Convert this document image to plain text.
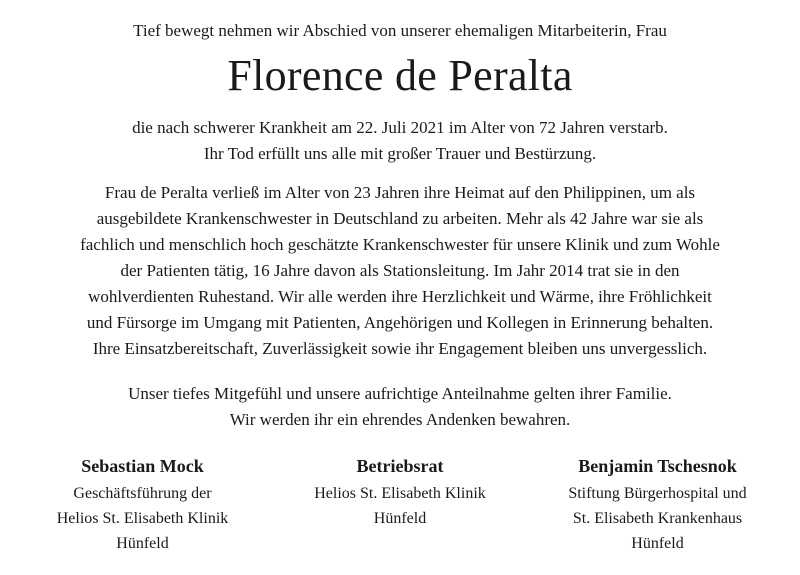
Tief bewegt nehmen wir Abschied von unserer ehemaligen Mitarbeiterin, Frau
Florence de Peralta
die nach schwerer Krankheit am 22. Juli 2021 im Alter von 72 Jahren verstarb.
Ihr Tod erfüllt uns alle mit großer Trauer und Bestürzung.
Frau de Peralta verließ im Alter von 23 Jahren ihre Heimat auf den Philippinen, um als
ausgebildete Krankenschwester in Deutschland zu arbeiten. Mehr als 42 Jahre war sie als
fachlich und menschlich hoch geschätzte Krankenschwester für unsere Klinik und zum Wohle
der Patienten tätig, 16 Jahre davon als Stationsleitung. Im Jahr 2014 trat sie in den
wohlverdienten Ruhestand. Wir alle werden ihre Herzlichkeit und Wärme, ihre Fröhlichkeit
und Fürsorge im Umgang mit Patienten, Angehörigen und Kollegen in Erinnerung behalten.
Ihre Einsatzbereitschaft, Zuverlässigkeit sowie ihr Engagement bleiben uns unvergesslich.
Unser tiefes Mitgefühl und unsere aufrichtige Anteilnahme gelten ihrer Familie.
Wir werden ihr ein ehrendes Andenken bewahren.
Sebastian Mock
Geschäftsführung der
Helios St. Elisabeth Klinik
Hünfeld
Betriebsrat
Helios St. Elisabeth Klinik
Hünfeld
Benjamin Tschesnok
Stiftung Bürgerhospital und
St. Elisabeth Krankenhaus
Hünfeld
